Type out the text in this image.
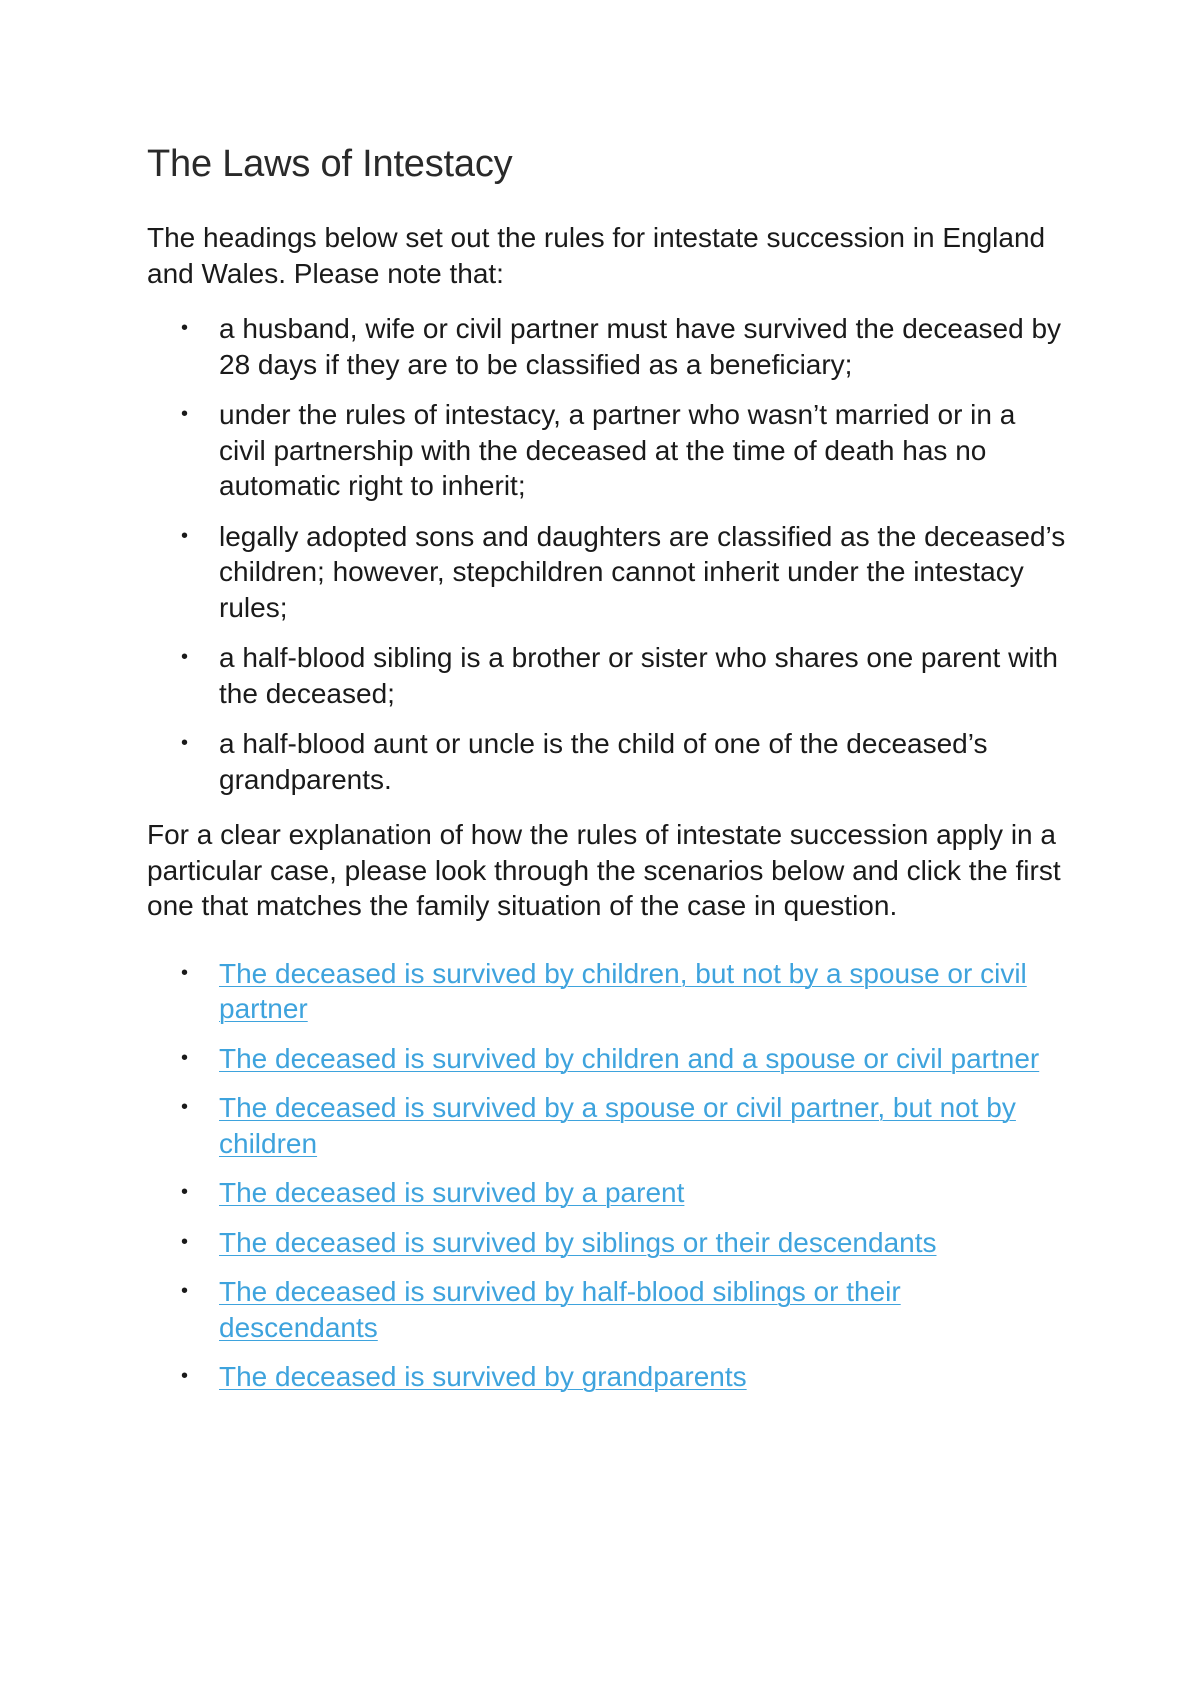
The Laws of Intestacy

The headings below set out the rules for intestate succession in England and Wales. Please note that:

• a husband, wife or civil partner must have survived the deceased by 28 days if they are to be classified as a beneficiary;
• under the rules of intestacy, a partner who wasn’t married or in a civil partnership with the deceased at the time of death has no automatic right to inherit;
• legally adopted sons and daughters are classified as the deceased’s children; however, stepchildren cannot inherit under the intestacy rules;
• a half-blood sibling is a brother or sister who shares one parent with the deceased;
• a half-blood aunt or uncle is the child of one of the deceased’s grandparents.

For a clear explanation of how the rules of intestate succession apply in a particular case, please look through the scenarios below and click the first one that matches the family situation of the case in question.

• The deceased is survived by children, but not by a spouse or civil partner
• The deceased is survived by children and a spouse or civil partner
• The deceased is survived by a spouse or civil partner, but not by children
• The deceased is survived by a parent
• The deceased is survived by siblings or their descendants
• The deceased is survived by half-blood siblings or their descendants
• The deceased is survived by grandparents
